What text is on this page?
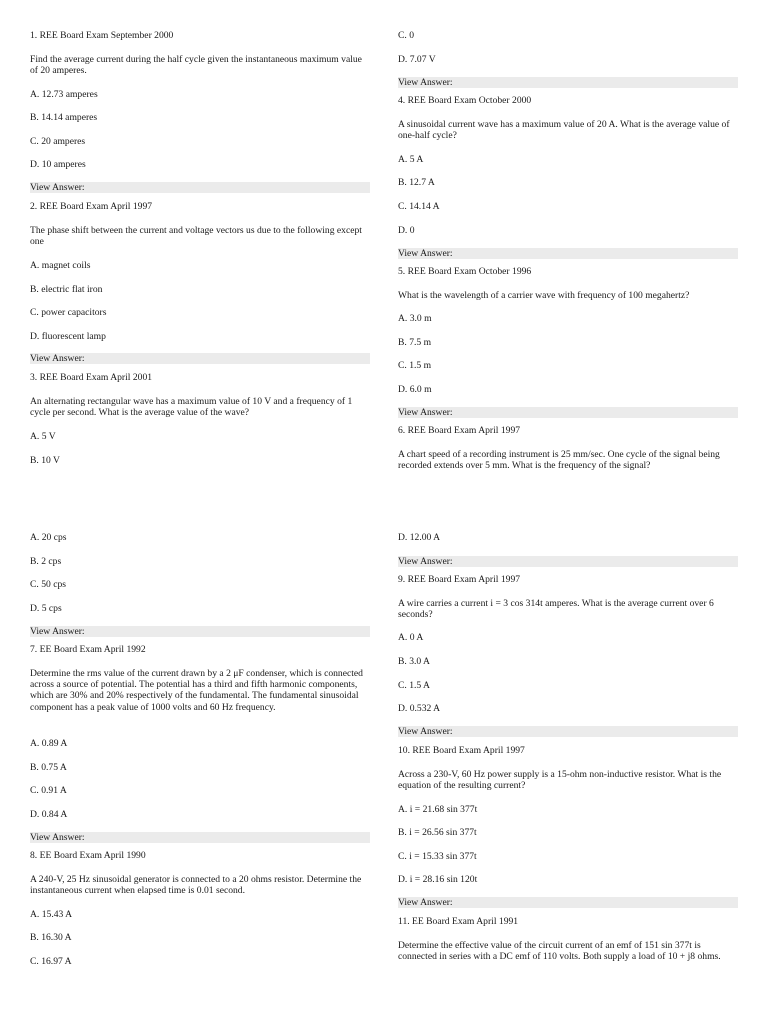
1. REE Board Exam September 2000
Find the average current during the half cycle given the instantaneous maximum value of 20 amperes.
A. 12.73 amperes
B. 14.14 amperes
C. 20 amperes
D. 10 amperes
View Answer:
2. REE Board Exam April 1997
The phase shift between the current and voltage vectors us due to the following except one
A. magnet coils
B. electric flat iron
C. power capacitors
D. fluorescent lamp
View Answer:
3. REE Board Exam April 2001
An alternating rectangular wave has a maximum value of 10 V and a frequency of 1 cycle per second. What is the average value of the wave?
A. 5 V
B. 10 V
C. 0
D. 7.07 V
View Answer:
4. REE Board Exam October 2000
A sinusoidal current wave has a maximum value of 20 A. What is the average value of one-half cycle?
A. 5 A
B. 12.7 A
C. 14.14 A
D. 0
View Answer:
5. REE Board Exam October 1996
What is the wavelength of a carrier wave with frequency of 100 megahertz?
A. 3.0 m
B. 7.5 m
C. 1.5 m
D. 6.0 m
View Answer:
6. REE Board Exam April 1997
A chart speed of a recording instrument is 25 mm/sec. One cycle of the signal being recorded extends over 5 mm. What is the frequency of the signal?
A. 20 cps
B. 2 cps
C. 50 cps
D. 5 cps
View Answer:
7. EE Board Exam April 1992
Determine the rms value of the current drawn by a 2 μF condenser, which is connected across a source of potential. The potential has a third and fifth harmonic components, which are 30% and 20% respectively of the fundamental. The fundamental sinusoidal component has a peak value of 1000 volts and 60 Hz frequency.
A. 0.89 A
B. 0.75 A
C. 0.91 A
D. 0.84 A
View Answer:
8. EE Board Exam April 1990
A 240-V, 25 Hz sinusoidal generator is connected to a 20 ohms resistor. Determine the instantaneous current when elapsed time is 0.01 second.
A. 15.43 A
B. 16.30 A
C. 16.97 A
D. 12.00 A
View Answer:
9. REE Board Exam April 1997
A wire carries a current i = 3 cos 314t amperes. What is the average current over 6 seconds?
A. 0 A
B. 3.0 A
C. 1.5 A
D. 0.532 A
View Answer:
10. REE Board Exam April 1997
Across a 230-V, 60 Hz power supply is a 15-ohm non-inductive resistor. What is the equation of the resulting current?
A. i = 21.68 sin 377t
B. i = 26.56 sin 377t
C. i = 15.33 sin 377t
D. i = 28.16 sin 120t
View Answer:
11. EE Board Exam April 1991
Determine the effective value of the circuit current of an emf of 151 sin 377t is connected in series with a DC emf of 110 volts. Both supply a load of 10 + j8 ohms.
